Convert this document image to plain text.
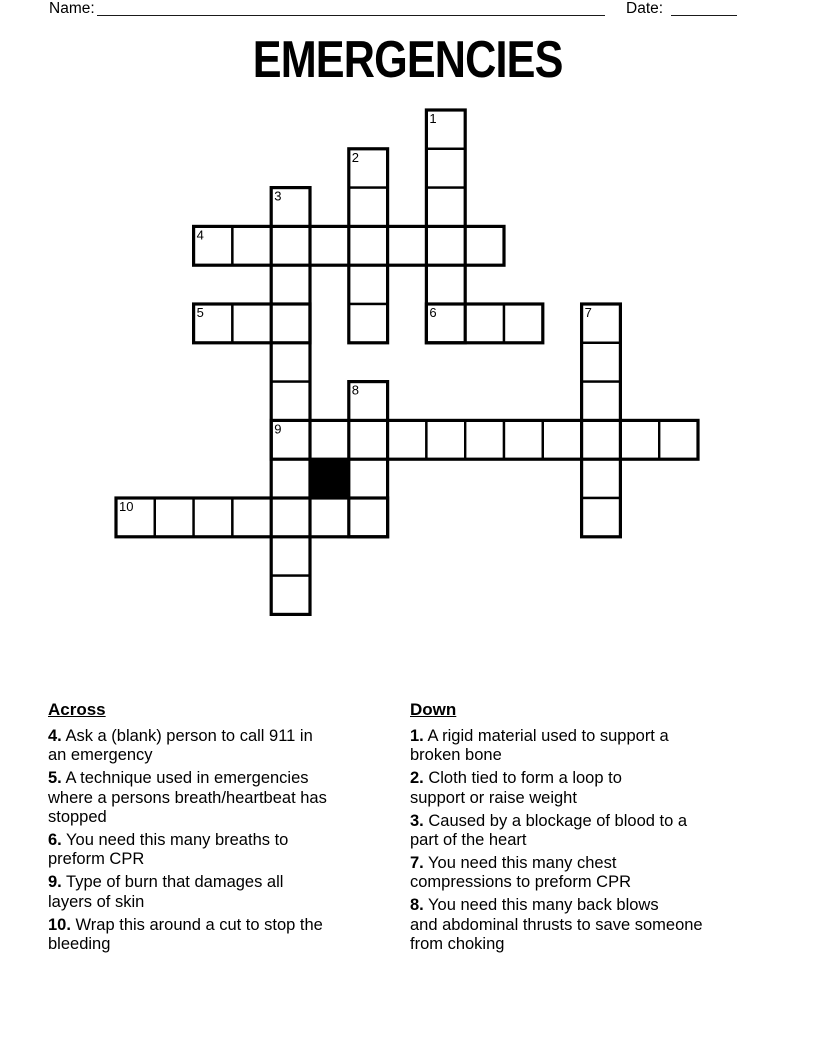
Name:	Date:
EMERGENCIES
1
2
3
4
5	6	7
8
9
10
Across

4. Ask a (blank) person to call 911 in
an emergency

5. A technique used in emergencies
where a persons breath/heartbeat has
stopped

6. You need this many breaths to
preform CPR

9. Type of burn that damages all
layers of skin

10. Wrap this around a cut to stop the
bleeding

Down

1. A rigid material used to support a
broken bone

2. Cloth tied to form a loop to
support or raise weight

3. Caused by a blockage of blood to a
part of the heart

7. You need this many chest
compressions to preform CPR

8. You need this many back blows
and abdominal thrusts to save someone
from choking
